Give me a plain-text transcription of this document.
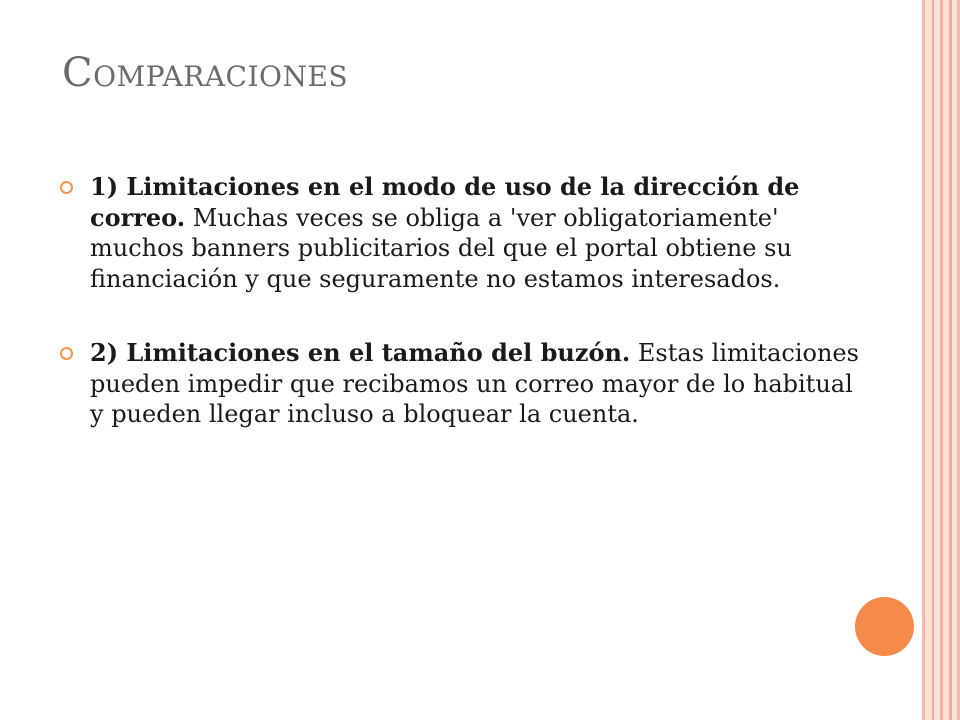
Comparaciones
1) Limitaciones en el modo de uso de la dirección de correo. Muchas veces se obliga a 'ver obligatoriamente' muchos banners publicitarios del que el portal obtiene su financiación y que seguramente no estamos interesados.
2) Limitaciones en el tamaño del buzón. Estas limitaciones pueden impedir que recibamos un correo mayor de lo habitual y pueden llegar incluso a bloquear la cuenta.
